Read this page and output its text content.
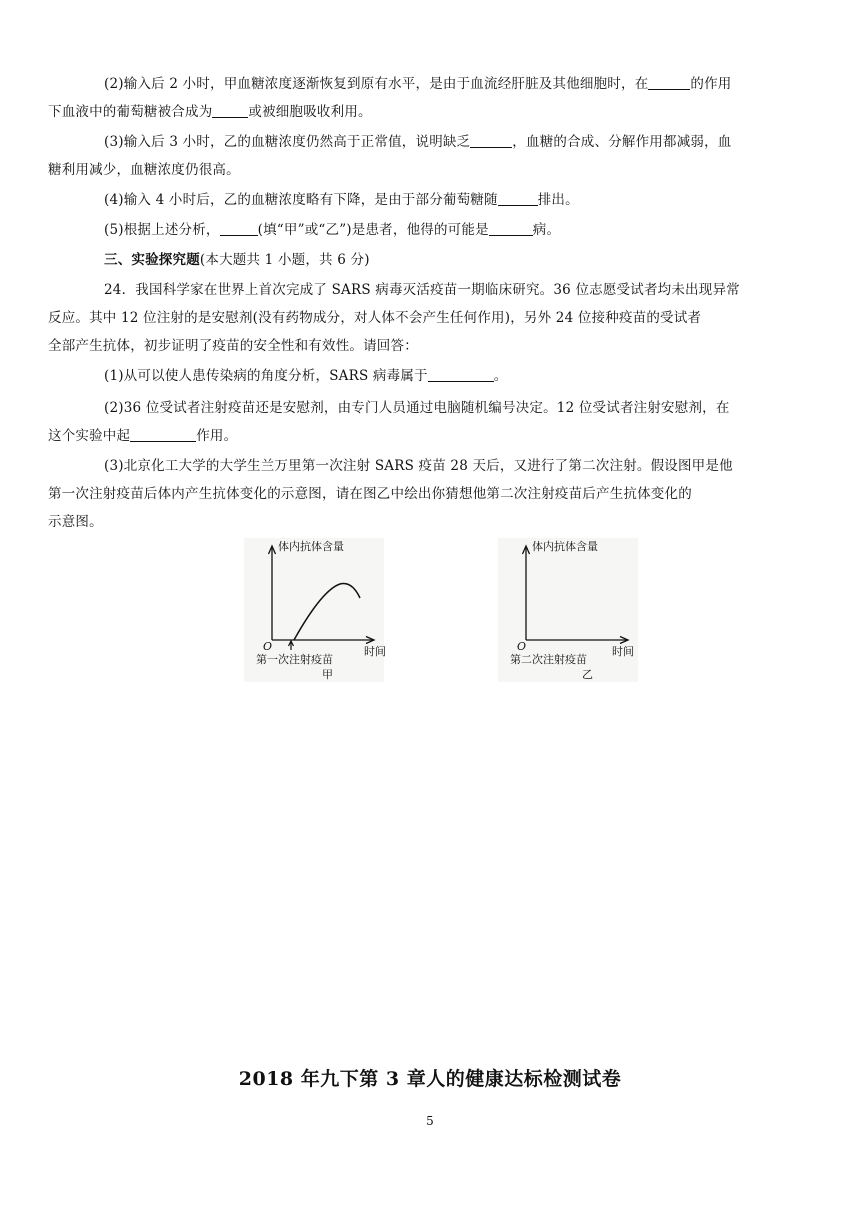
(2)输入后 2 小时，甲血糖浓度逐渐恢复到原有水平，是由于血流经肝脏及其他细胞时，在	的作用
下血液中的葡萄糖被合成为	或被细胞吸收利用。

(3)输入后 3 小时，乙的血糖浓度仍然高于正常值，说明缺乏	，血糖的合成、分解作用都减弱，血
糖利用减少，血糖浓度仍很高。

(4)输入 4 小时后，乙的血糖浓度略有下降，是由于部分葡萄糖随	排出。

(5)根据上述分析，	(填“甲”或“乙”)是患者，他得的可能是	病。

三、实验探究题(本大题共 1 小题，共 6 分)

24．我国科学家在世界上首次完成了 SARS 病毒灭活疫苗一期临床研究。36 位志愿受试者均未出现异常
反应。其中 12 位注射的是安慰剂(没有药物成分，对人体不会产生任何作用)，另外 24 位接种疫苗的受试者
全部产生抗体，初步证明了疫苗的安全性和有效性。请回答：

(1)从可以使人患传染病的角度分析，SARS 病毒属于	。

(2)36 位受试者注射疫苗还是安慰剂，由专门人员通过电脑随机编号决定。12 位受试者注射安慰剂，在
这个实验中起	作用。

(3)北京化工大学的大学生兰万里第一次注射 SARS 疫苗 28 天后，又进行了第二次注射。假设图甲是他
第一次注射疫苗后体内产生抗体变化的示意图，请在图乙中绘出你猜想他第二次注射疫苗后产生抗体变化的
示意图。

体内抗体含量
O
第一次注射疫苗
时间
甲
体内抗体含量
O
第二次注射疫苗
时间
乙
2018 年九下第 3 章人的健康达标检测试卷
5
